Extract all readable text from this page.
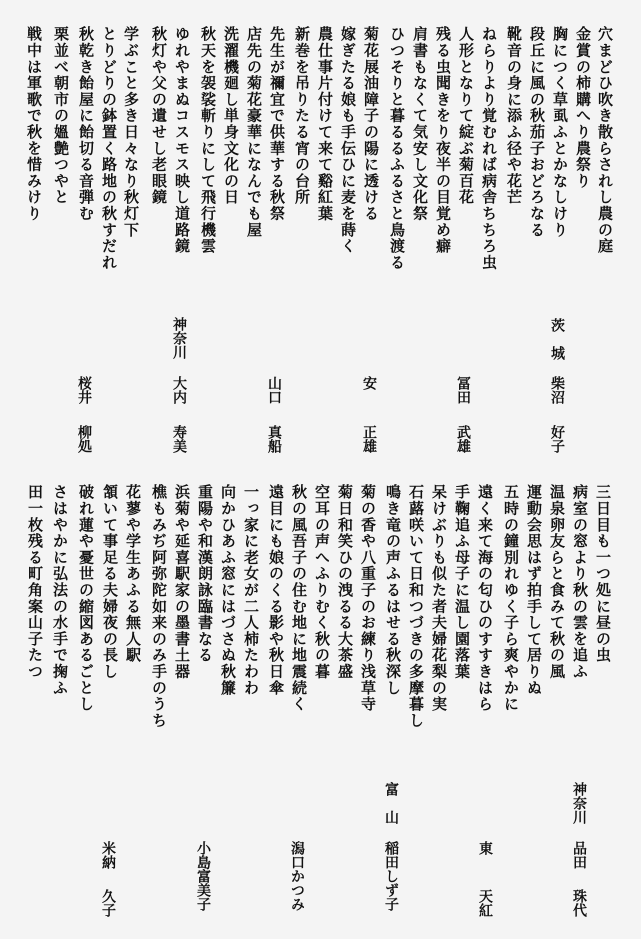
穴まどひ吹き散らされし農の庭
金賞の柿購へり農祭り
胸につく草虱ふとかなしけり
段丘に風の秋茄子おどろなる
靴音の身に添ふ径や花芒
ねらりより覚むれば病舎ちちろ虫
人形となりて綻ぶ菊百花
残る虫聞きをり夜半の目覚め癖
肩書もなくて気安し文化祭
ひつそりと暮るるふるさと鳥渡る
菊花展油障子の陽に透ける
嫁ぎたる娘も手伝ひに麦を蒔く
農仕事片付けて来て谿紅葉
新巻を吊りたる宵の台所
先生が禰宜で供華する秋祭
店先の菊花豪華になんでも屋
洗濯機廻し単身文化の日
秋天を袈裟斬りにして飛行機雲
ゆれやまぬコスモス映し道路鏡
秋灯や父の遺せし老眼鏡
学ぶこと多き日々なり秋灯下
とりどりの鉢置く路地の秋すだれ
秋乾き飴屋に飴切る音弾む
栗並べ朝市の媼艶つやと
戦中は軍歌で秋を惜みけり
茨城
柴沼
好子
冨田
武雄
安
正雄
山口
真船
神奈川
大内
寿美
桜井
柳処
三日目も一つ処に昼の虫
病室の窓より秋の雲を追ふ
温泉卵友らと食みて秋の風
運動会思はず拍手して居りぬ
五時の鐘別れゆく子ら爽やかに
遠く来て海の匂ひのすすきはら
手鞠追ふ母子に温し園落葉
呆けぶりも似た者夫婦花梨の実
石蕗咲いて日和つづきの多摩暮し
鳴き竜の声ふるはせる秋深し
菊の香や八重子のお練り浅草寺
菊日和笑ひの洩るる大茶盛
空耳の声へふりむく秋の暮
秋の風吾子の住む地に地震続く
遠目にも娘のくる影や秋日傘
一っ家に老女が二人柿たわわ
向かひあふ窓にはづさぬ秋簾
重陽や和漢朗詠臨書なる
浜菊や延喜駅家の墨書土器
樵もみぢ阿弥陀如来のみ手のうち
花蓼や学生あふる無人駅
頷いて事足る夫婦夜の長し
破れ蓮や憂世の縮図あるごとし
さはやかに弘法の水手で掬ふ
田一枚残る町角案山子たつ
神奈川
品田
珠代
東
天紅
富山
稲田しず子
潟口かつみ
小島富美子
米納
久子
